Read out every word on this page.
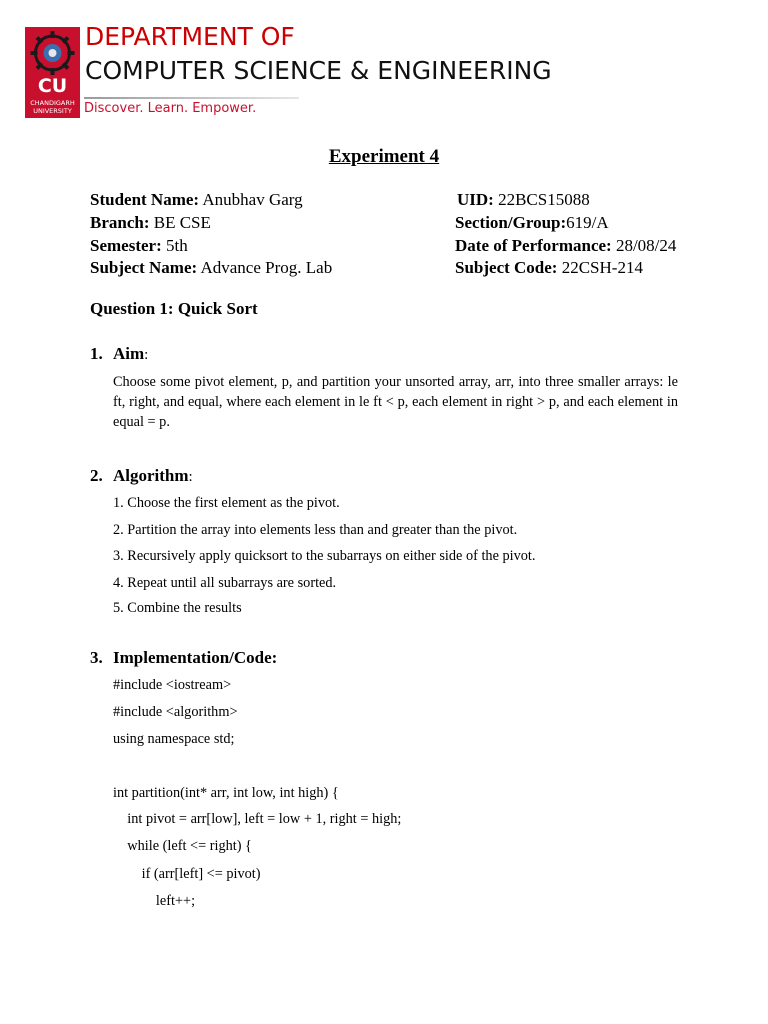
CU
CHANDIGARH UNIVERSITY
DEPARTMENT OF
COMPUTER SCIENCE & ENGINEERING
Discover. Learn. Empower.
Experiment 4
Student Name: Anubhav Garg	UID: 22BCS15088
Branch: BE CSE	Section/Group:619/A
Semester: 5th	Date of Performance: 28/08/24
Subject Name: Advance Prog. Lab	Subject Code: 22CSH-214
Question 1: Quick Sort
1. Aim:
Choose some pivot element, p, and partition your unsorted array, arr, into three smaller arrays: le ft, right, and equal, where each element in le ft < p, each element in right > p, and each element in equal = p.
2. Algorithm:
1. Choose the first element as the pivot.
2. Partition the array into elements less than and greater than the pivot.
3. Recursively apply quicksort to the subarrays on either side of the pivot.
4. Repeat until all subarrays are sorted.
5. Combine the results
3. Implementation/Code:
#include <iostream>
#include <algorithm>
using namespace std;
int partition(int* arr, int low, int high) {
int pivot = arr[low], left = low + 1, right = high;
while (left <= right) {
if (arr[left] <= pivot)
left++;
